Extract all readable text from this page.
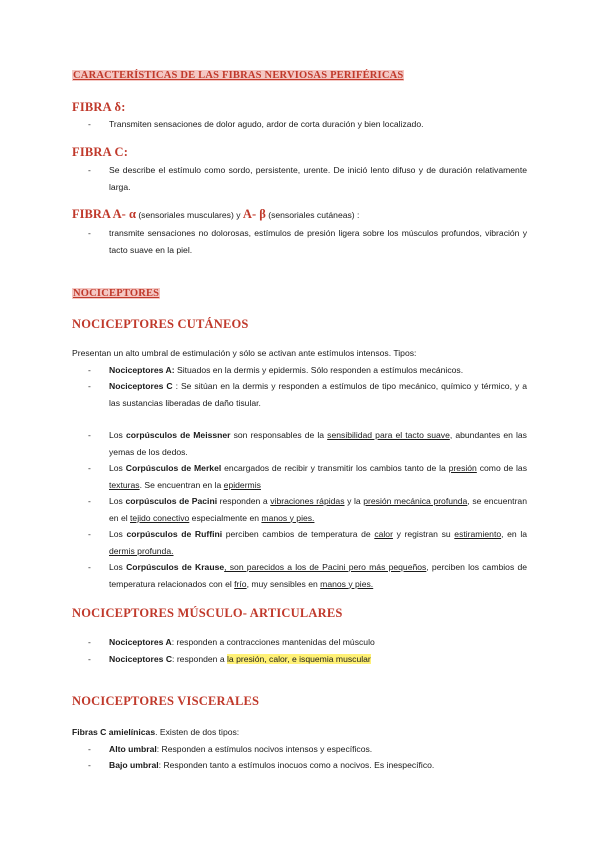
CARACTERÍSTICAS DE LAS FIBRAS NERVIOSAS PERIFÉRICAS
FIBRA δ:
- Transmiten sensaciones de dolor agudo, ardor de corta duración y bien localizado.
FIBRA C:
- Se describe el estímulo como sordo, persistente, urente. De inició lento difuso y de duración relativamente larga.
FIBRA A- α (sensoriales musculares) y A- β (sensoriales cutáneas) :
- transmite sensaciones no dolorosas, estímulos de presión ligera sobre los músculos profundos, vibración y tacto suave en la piel.
NOCICEPTORES
NOCICEPTORES CUTÁNEOS
Presentan un alto umbral de estimulación y sólo se activan ante estímulos intensos. Tipos:
- Nociceptores A: Situados en la dermis y epidermis. Sólo responden a estímulos mecánicos.
- Nociceptores C : Se sitúan en la dermis y responden a estímulos de tipo mecánico, químico y térmico, y a las sustancias liberadas de daño tisular.
- Los corpúsculos de Meissner son responsables de la sensibilidad para el tacto suave, abundantes en las yemas de los dedos.
- Los Corpúsculos de Merkel encargados de recibir y transmitir los cambios tanto de la presión como de las texturas. Se encuentran en la epidermis
- Los corpúsculos de Pacini responden a vibraciones rápidas y la presión mecánica profunda, se encuentran en el tejido conectivo especialmente en manos y pies.
- Los corpúsculos de Ruffini perciben cambios de temperatura de calor y registran su estiramiento, en la dermis profunda.
- Los Corpúsculos de Krause, son parecidos a los de Pacini pero más pequeños, perciben los cambios de temperatura relacionados con el frío, muy sensibles en manos y pies.
NOCICEPTORES MÚSCULO- ARTICULARES
- Nociceptores A: responden a contracciones mantenidas del músculo
- Nociceptores C: responden a la presión, calor, e isquemia muscular
NOCICEPTORES VISCERALES
Fibras C amielínicas. Existen de dos tipos:
- Alto umbral: Responden a estímulos nocivos intensos y específicos.
- Bajo umbral: Responden tanto a estímulos inocuos como a nocivos. Es inespecífico.
